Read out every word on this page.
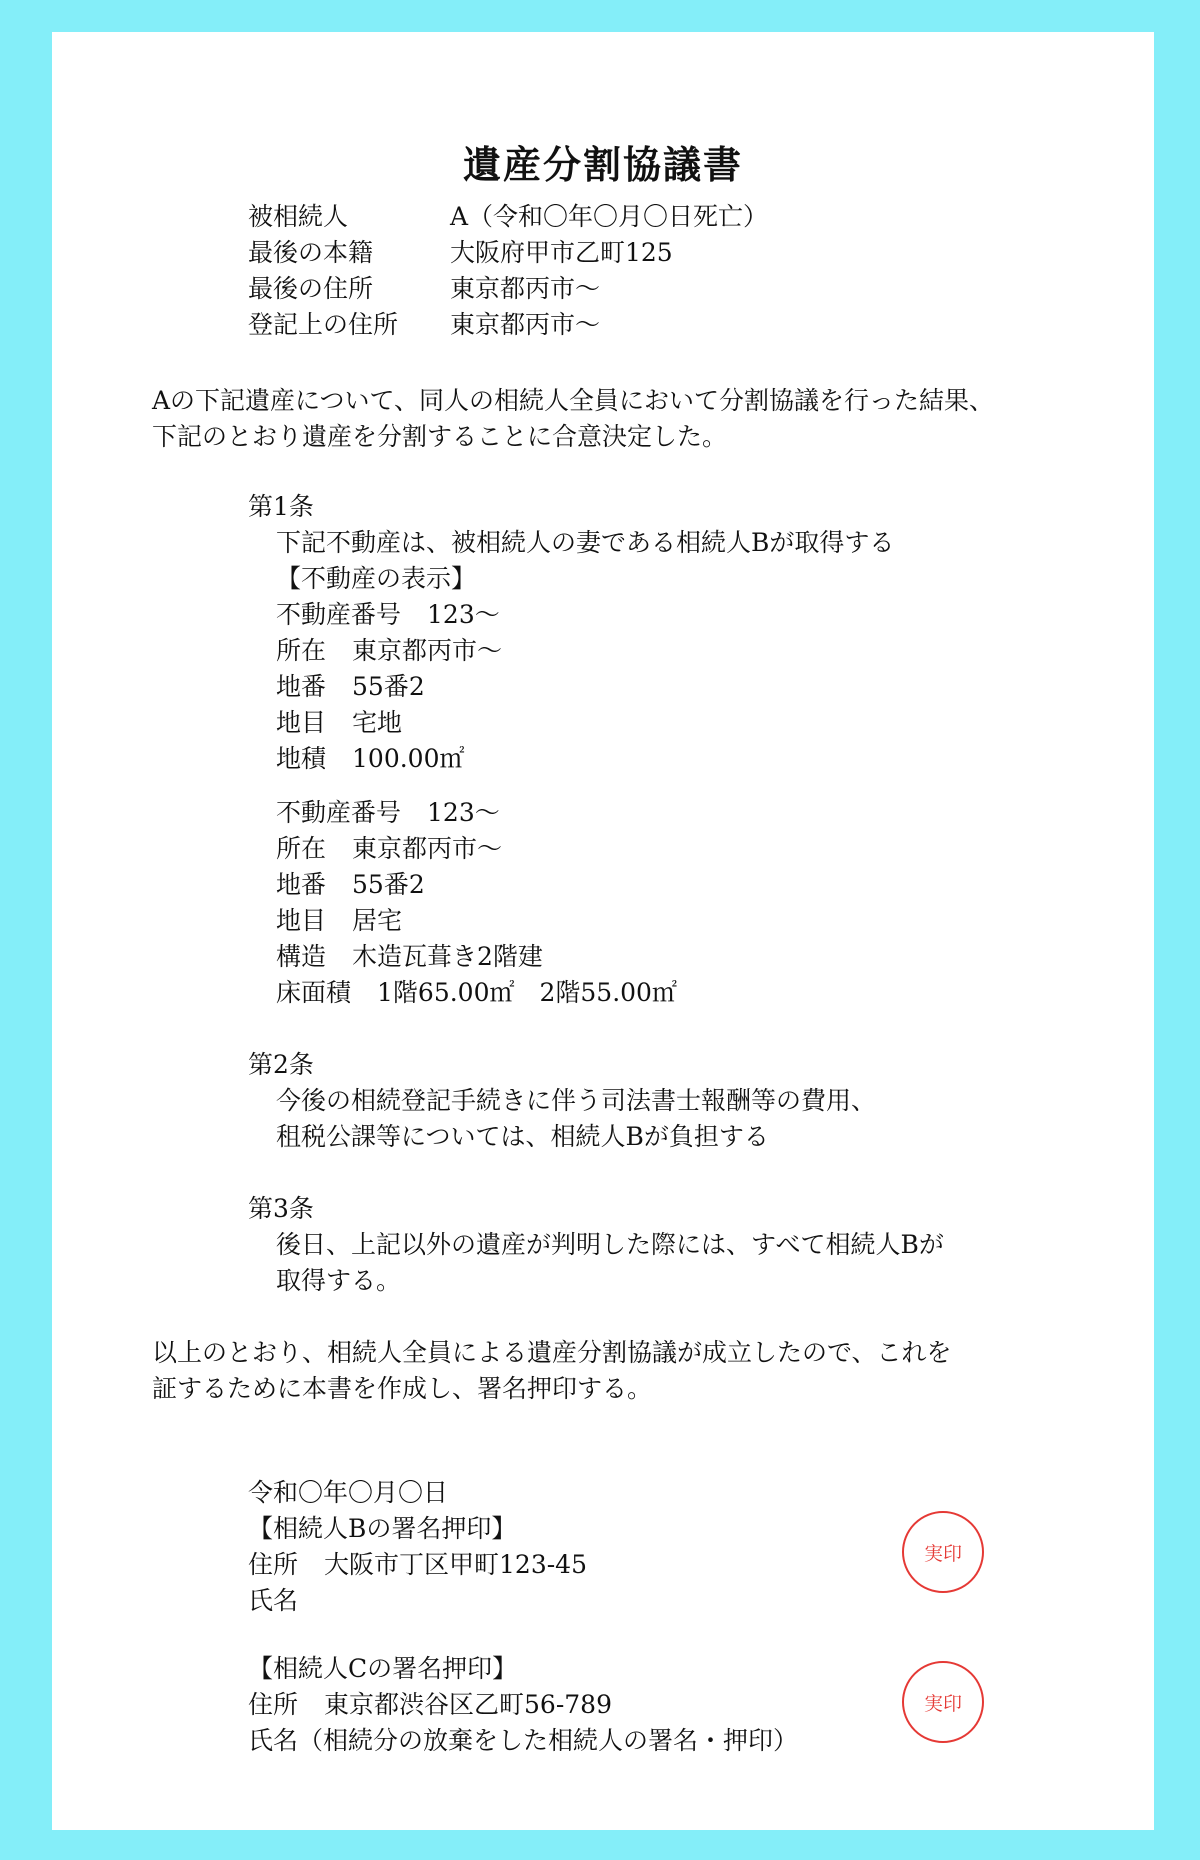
遺産分割協議書
被相続人	A（令和〇年〇月〇日死亡）
最後の本籍	大阪府甲市乙町125
最後の住所	東京都丙市～
登記上の住所 東京都丙市～
Aの下記遺産について、同人の相続人全員において分割協議を行った結果、
下記のとおり遺産を分割することに合意決定した。
第1条
下記不動産は、被相続人の妻である相続人Bが取得する
【不動産の表示】
不動産番号 123～
所在 東京都丙市～
地番 55番2
地目 宅地
地積 100.00㎡
不動産番号 123～
所在 東京都丙市～
地番 55番2
地目 居宅
構造 木造瓦葺き2階建
床面積 1階65.00㎡　2階55.00㎡
第2条
今後の相続登記手続きに伴う司法書士報酬等の費用、
租税公課等については、相続人Bが負担する
第3条
後日、上記以外の遺産が判明した際には、すべて相続人Bが
取得する。
以上のとおり、相続人全員による遺産分割協議が成立したので、これを
証するために本書を作成し、署名押印する。
令和〇年〇月〇日
【相続人Bの署名押印】
住所 大阪市丁区甲町123-45
氏名
実印
【相続人Cの署名押印】
住所 東京都渋谷区乙町56-789
氏名（相続分の放棄をした相続人の署名・押印）
実印
